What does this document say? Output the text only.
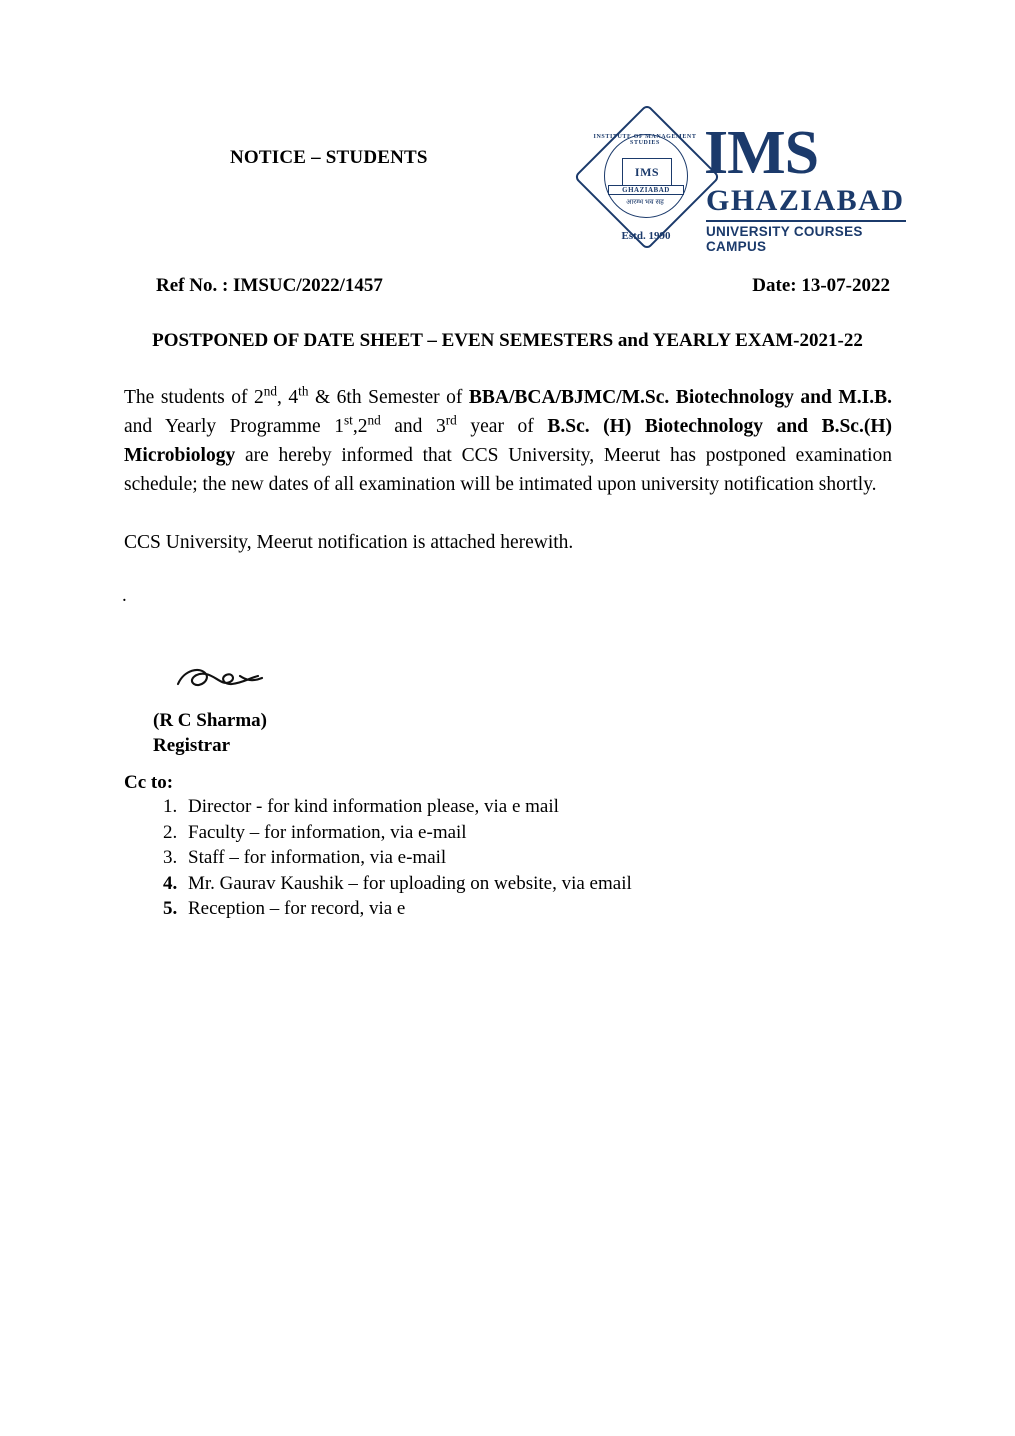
NOTICE – STUDENTS
INSTITUTE OF MANAGEMENT STUDIES
IMS
GHAZIABAD
आरम्भ भव सह
Estd. 1990
IMS
GHAZIABAD
UNIVERSITY COURSES CAMPUS
Ref No. : IMSUC/2022/1457	Date: 13-07-2022
POSTPONED OF DATE SHEET – EVEN SEMESTERS and YEARLY EXAM-2021-22

The students of 2nd, 4th & 6th Semester of BBA/BCA/BJMC/M.Sc. Biotechnology and M.I.B. and Yearly Programme 1st,2nd and 3rd year of B.Sc. (H) Biotechnology and B.Sc.(H) Microbiology are hereby informed that CCS University, Meerut has postponed examination schedule; the new dates of all examination will be intimated upon university notification shortly.

CCS University, Meerut notification is attached herewith.

.
(R C Sharma)
Registrar
Cc to:
1. Director - for kind information please, via e mail
2. Faculty – for information, via e-mail
3. Staff – for information, via e-mail
4. Mr. Gaurav Kaushik – for uploading on website, via email
5. Reception – for record, via e
